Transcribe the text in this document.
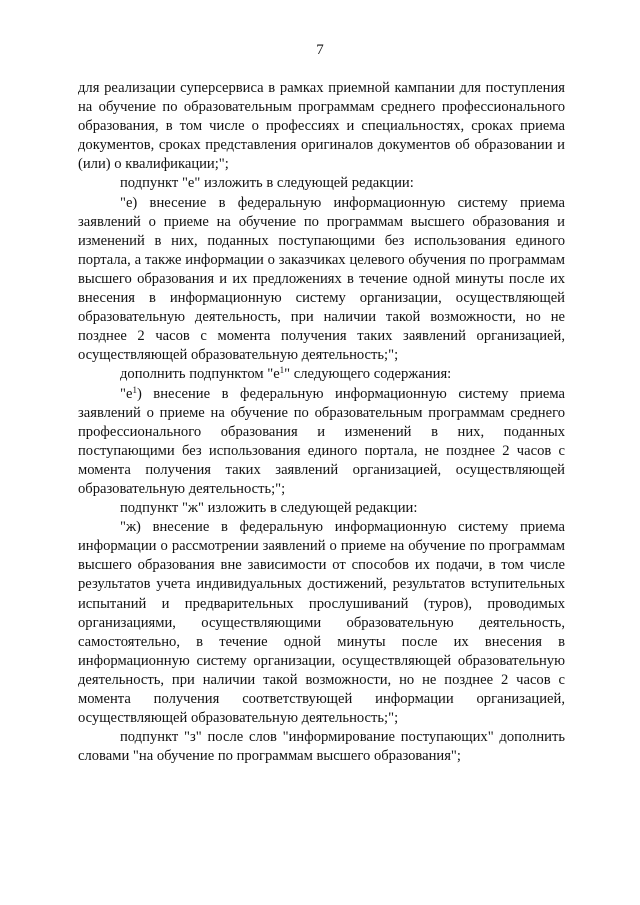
7

для реализации суперсервиса в рамках приемной кампании для поступления на обучение по образовательным программам среднего профессионального образования, в том числе о профессиях и специальностях, сроках приема документов, сроках представления оригиналов документов об образовании и (или) о квалификации;";

подпункт "е" изложить в следующей редакции:

"е) внесение в федеральную информационную систему приема заявлений о приеме на обучение по программам высшего образования и изменений в них, поданных поступающими без использования единого портала, а также информации о заказчиках целевого обучения по программам высшего образования и их предложениях в течение одной минуты после их внесения в информационную систему организации, осуществляющей образовательную деятельность, при наличии такой возможности, но не позднее 2 часов с момента получения таких заявлений организацией, осуществляющей образовательную деятельность;";

дополнить подпунктом "$е^1$" следующего содержания:

"$е^1$) внесение в федеральную информационную систему приема заявлений о приеме на обучение по образовательным программам среднего профессионального образования и изменений в них, поданных поступающими без использования единого портала, не позднее 2 часов с момента получения таких заявлений организацией, осуществляющей образовательную деятельность;";

подпункт "ж" изложить в следующей редакции:

"ж) внесение в федеральную информационную систему приема информации о рассмотрении заявлений о приеме на обучение по программам высшего образования вне зависимости от способов их подачи, в том числе результатов учета индивидуальных достижений, результатов вступительных испытаний и предварительных прослушиваний (туров), проводимых организациями, осуществляющими образовательную деятельность, самостоятельно, в течение одной минуты после их внесения в информационную систему организации, осуществляющей образовательную деятельность, при наличии такой возможности, но не позднее 2 часов с момента получения соответствующей информации организацией, осуществляющей образовательную деятельность;";

подпункт "з" после слов "информирование поступающих" дополнить словами "на обучение по программам высшего образования";
